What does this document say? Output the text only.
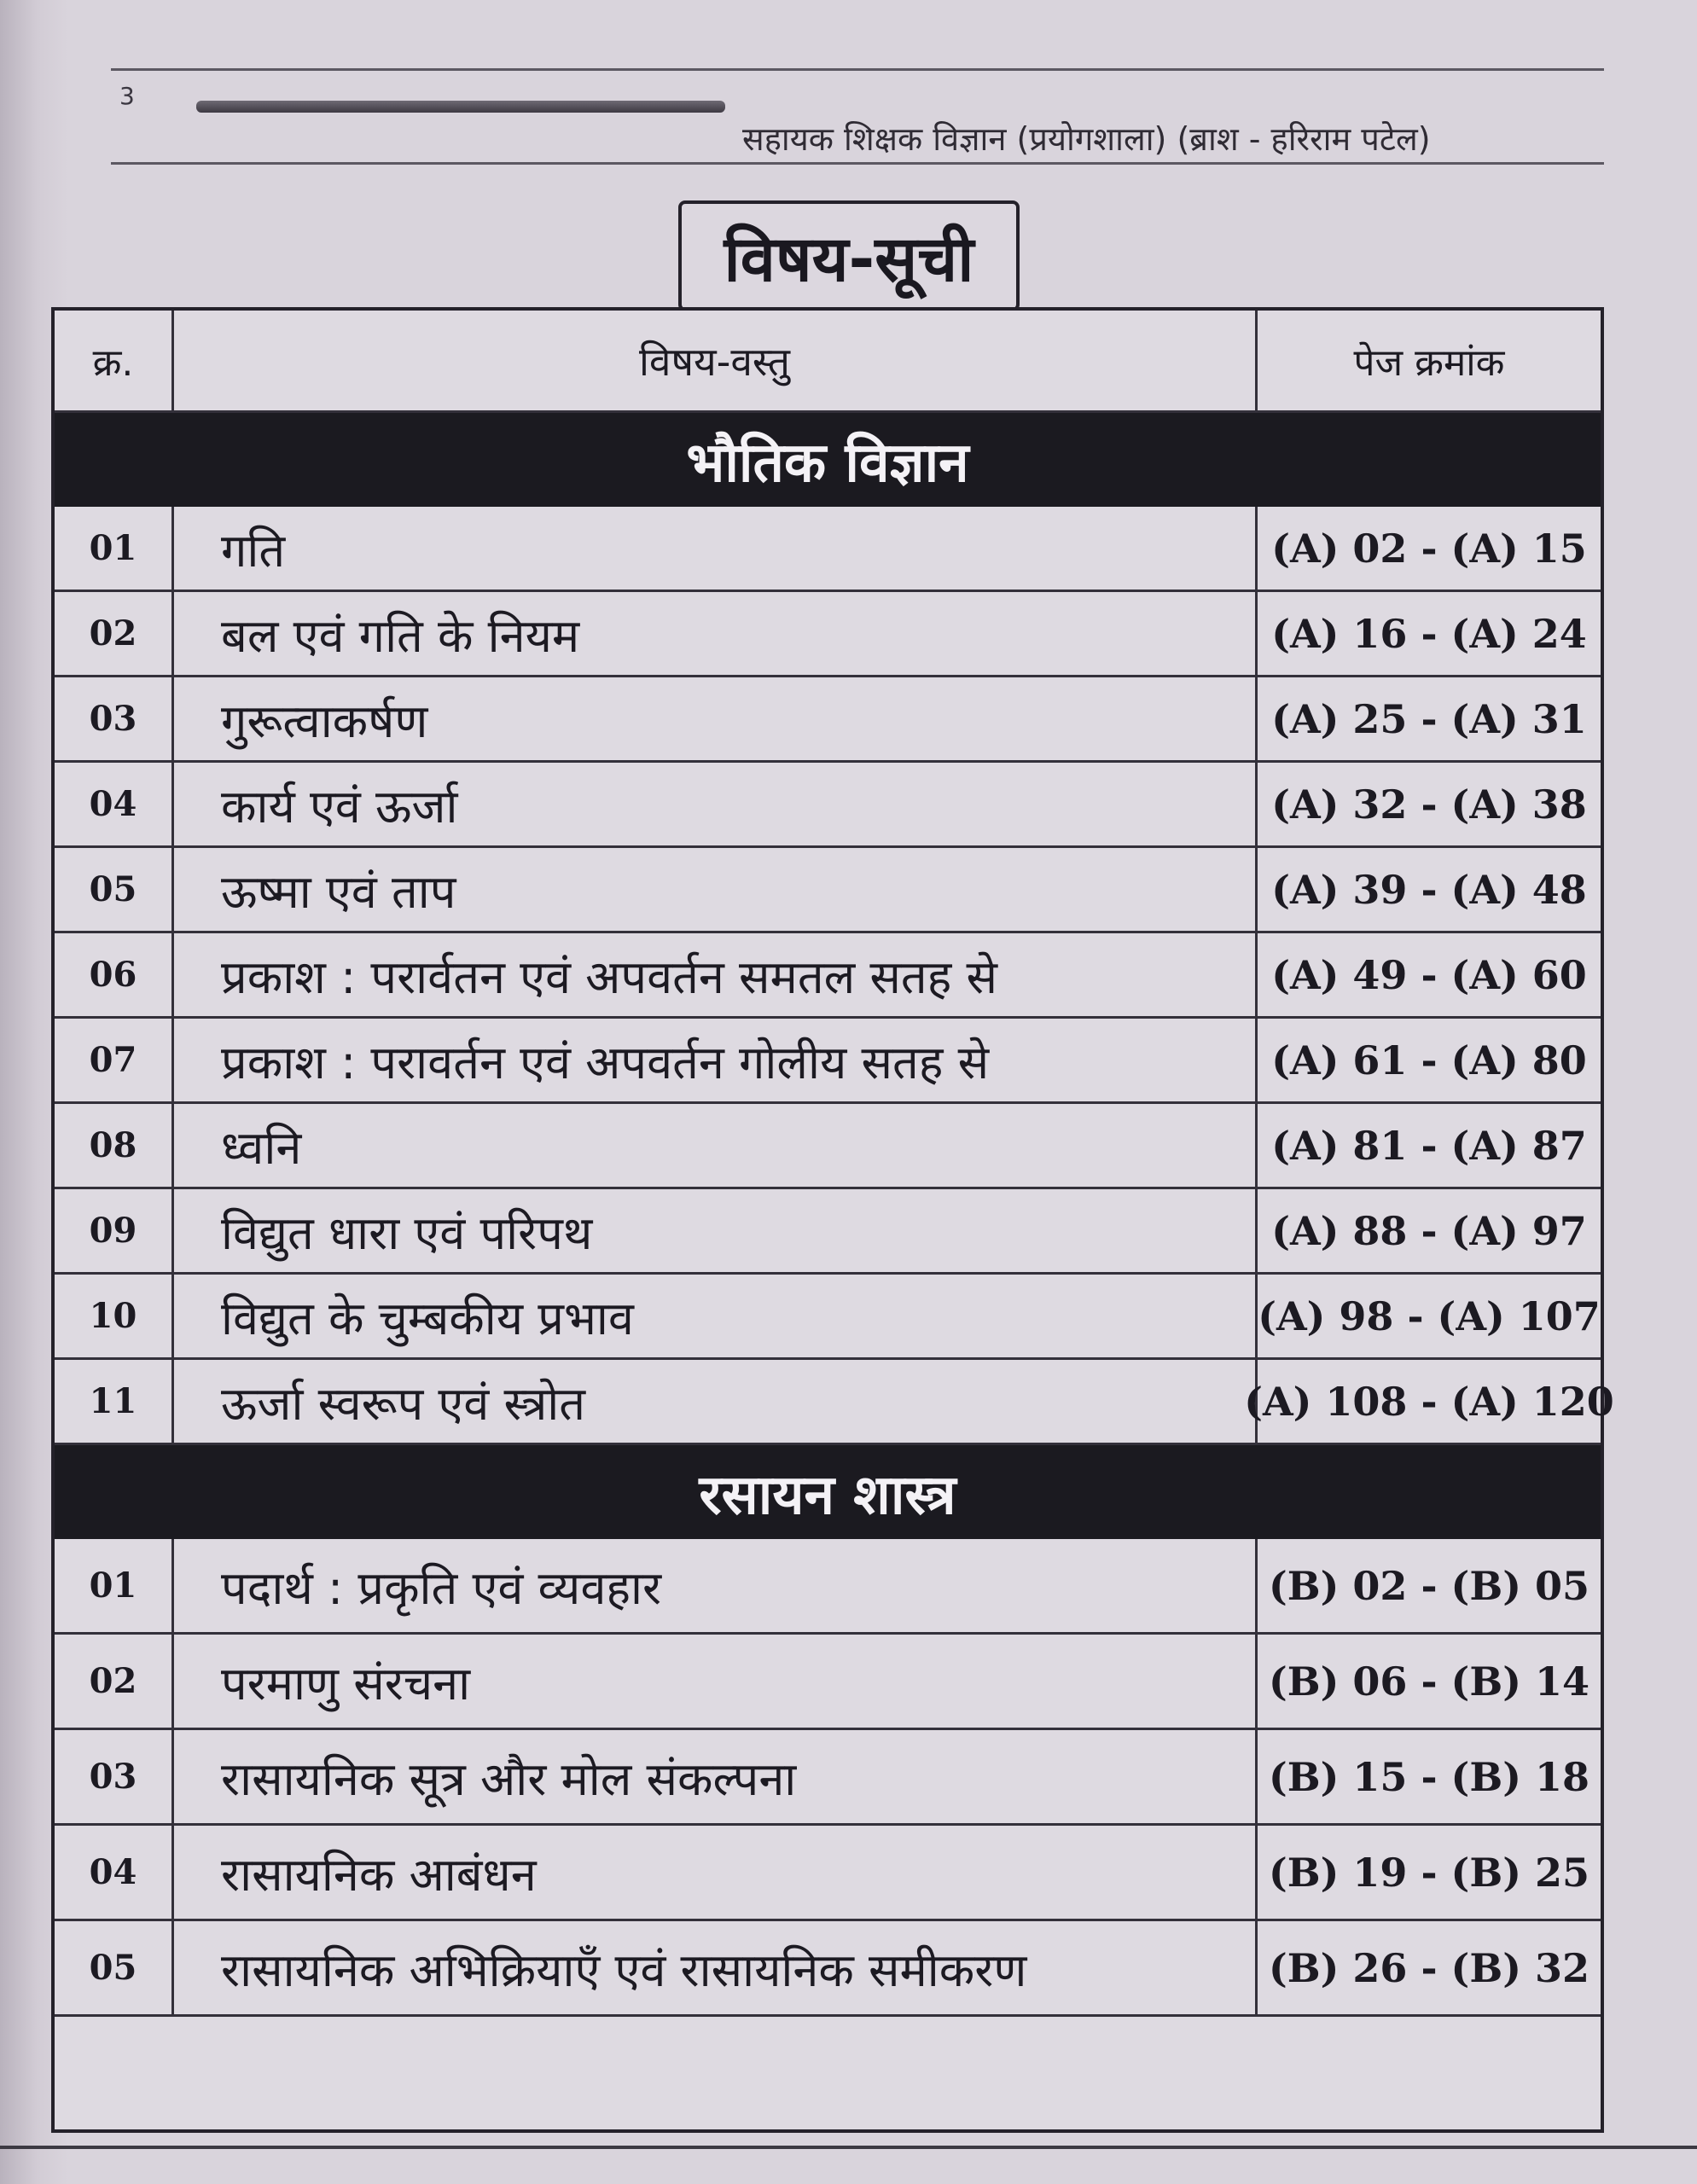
3
सहायक शिक्षक विज्ञान (प्रयोगशाला) (ब्राश - हरिराम पटेल)
विषय-सूची
क्र.	विषय-वस्तु	पेज क्रमांक
भौतिक विज्ञान
01	गति	(A) 02 - (A) 15
02	बल एवं गति के नियम	(A) 16 - (A) 24
03	गुरूत्वाकर्षण	(A) 25 - (A) 31
04	कार्य एवं ऊर्जा	(A) 32 - (A) 38
05	ऊष्मा एवं ताप	(A) 39 - (A) 48
06	प्रकाश : परार्वतन एवं अपवर्तन समतल सतह से	(A) 49 - (A) 60
07	प्रकाश : परावर्तन एवं अपवर्तन गोलीय सतह से	(A) 61 - (A) 80
08	ध्वनि	(A) 81 - (A) 87
09	विद्युत धारा एवं परिपथ	(A) 88 - (A) 97
10	विद्युत के चुम्बकीय प्रभाव	(A) 98 - (A) 107
11	ऊर्जा स्वरूप एवं स्त्रोत	(A) 108 - (A) 120
रसायन शास्त्र
01	पदार्थ : प्रकृति एवं व्यवहार	(B) 02 - (B) 05
02	परमाणु संरचना	(B) 06 - (B) 14
03	रासायनिक सूत्र और मोल संकल्पना	(B) 15 - (B) 18
04	रासायनिक आबंधन	(B) 19 - (B) 25
05	रासायनिक अभिक्रियाएँ एवं रासायनिक समीकरण	(B) 26 - (B) 32
